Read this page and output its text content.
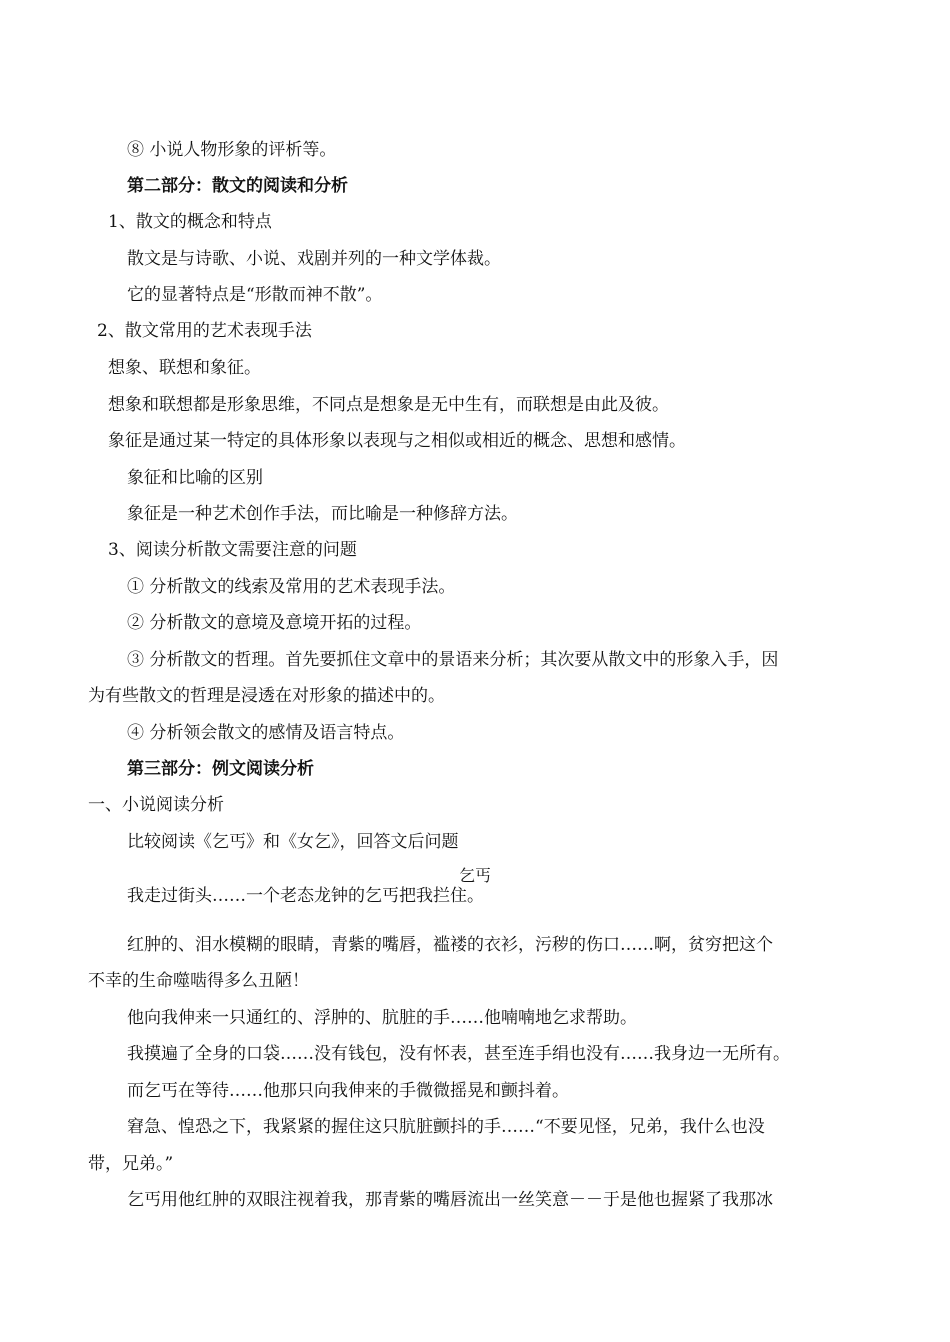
⑧ 小说人物形象的评析等。
第二部分：散文的阅读和分析
1、散文的概念和特点
散文是与诗歌、小说、戏剧并列的一种文学体裁。
它的显著特点是“形散而神不散”。
2、散文常用的艺术表现手法
想象、联想和象征。
想象和联想都是形象思维，不同点是想象是无中生有，而联想是由此及彼。
象征是通过某一特定的具体形象以表现与之相似或相近的概念、思想和感情。
象征和比喻的区别
象征是一种艺术创作手法，而比喻是一种修辞方法。
3、阅读分析散文需要注意的问题
① 分析散文的线索及常用的艺术表现手法。
② 分析散文的意境及意境开拓的过程。
③ 分析散文的哲理。首先要抓住文章中的景语来分析；其次要从散文中的形象入手，因
为有些散文的哲理是浸透在对形象的描述中的。
④ 分析领会散文的感情及语言特点。
第三部分：例文阅读分析
一、小说阅读分析
比较阅读《乞丐》和《女乞》，回答文后问题
乞丐
我走过街头……一个老态龙钟的乞丐把我拦住。
红肿的、泪水模糊的眼睛，青紫的嘴唇，褴褛的衣衫，污秽的伤口……啊，贫穷把这个
不幸的生命噬啮得多么丑陋！
他向我伸来一只通红的、浮肿的、肮脏的手……他喃喃地乞求帮助。
我摸遍了全身的口袋……没有钱包，没有怀表，甚至连手绢也没有……我身边一无所有。
而乞丐在等待……他那只向我伸来的手微微摇晃和颤抖着。
窘急、惶恐之下，我紧紧的握住这只肮脏颤抖的手……“不要见怪，兄弟，我什么也没
带，兄弟。”
乞丐用他红肿的双眼注视着我，那青紫的嘴唇流出一丝笑意－－于是他也握紧了我那冰
